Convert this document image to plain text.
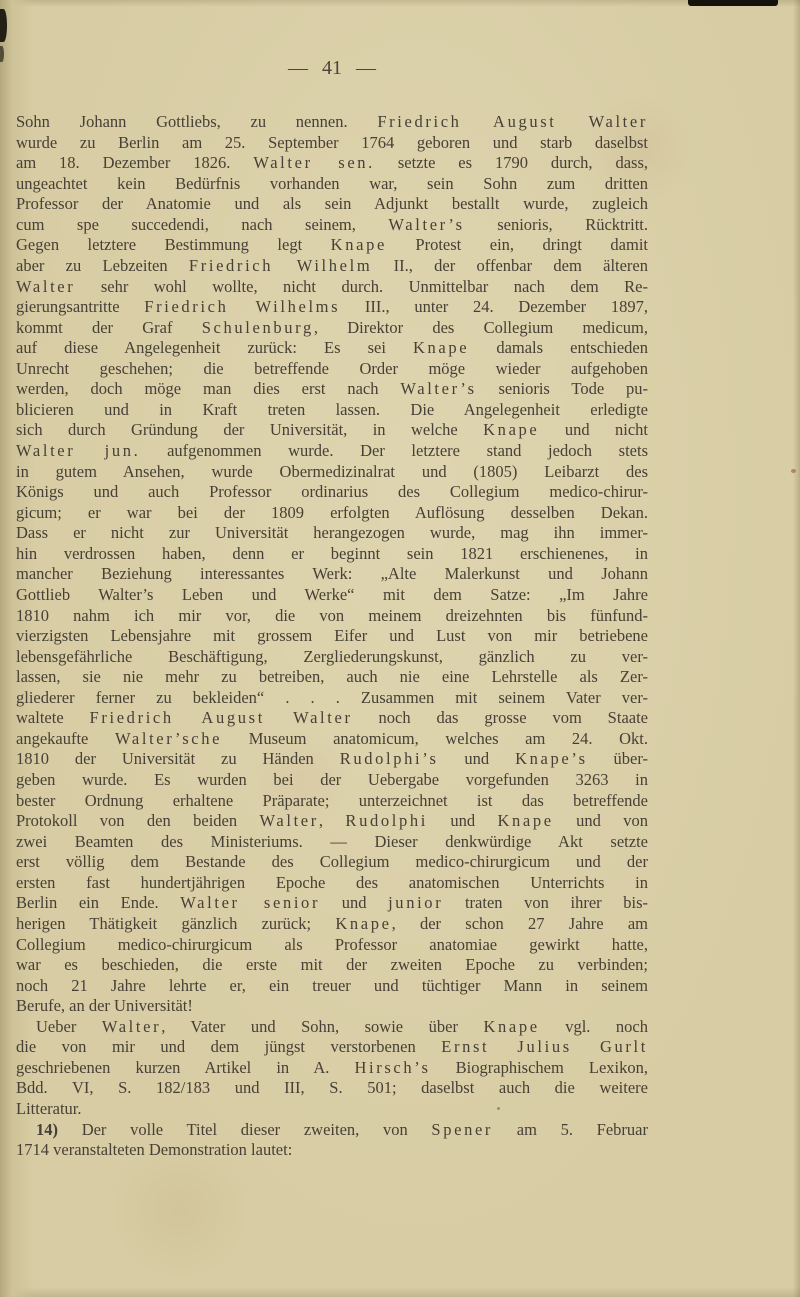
— 41 —
Sohn Johann Gottliebs, zu nennen. Friedrich August Walter
wurde zu Berlin am 25. September 1764 geboren und starb daselbst
am 18. Dezember 1826. Walter sen. setzte es 1790 durch, dass,
ungeachtet kein Bedürfnis vorhanden war, sein Sohn zum dritten
Professor der Anatomie und als sein Adjunkt bestallt wurde, zugleich
cum spe succedendi, nach seinem, Walter’s senioris, Rücktritt.
Gegen letztere Bestimmung legt Knape Protest ein, dringt damit
aber zu Lebzeiten Friedrich Wilhelm II., der offenbar dem älteren
Walter sehr wohl wollte, nicht durch. Unmittelbar nach dem Re-
gierungsantritte Friedrich Wilhelms III., unter 24. Dezember 1897,
kommt der Graf Schulenburg, Direktor des Collegium medicum,
auf diese Angelegenheit zurück: Es sei Knape damals entschieden
Unrecht geschehen; die betreffende Order möge wieder aufgehoben
werden, doch möge man dies erst nach Walter’s senioris Tode pu-
blicieren und in Kraft treten lassen. Die Angelegenheit erledigte
sich durch Gründung der Universität, in welche Knape und nicht
Walter jun. aufgenommen wurde. Der letztere stand jedoch stets
in gutem Ansehen, wurde Obermedizinalrat und (1805) Leibarzt des
Königs und auch Professor ordinarius des Collegium medico-chirur-
gicum; er war bei der 1809 erfolgten Auflösung desselben Dekan.
Dass er nicht zur Universität herangezogen wurde, mag ihn immer-
hin verdrossen haben, denn er beginnt sein 1821 erschienenes, in
mancher Beziehung interessantes Werk: „Alte Malerkunst und Johann
Gottlieb Walter’s Leben und Werke“ mit dem Satze: „Im Jahre
1810 nahm ich mir vor, die von meinem dreizehnten bis fünfund-
vierzigsten Lebensjahre mit grossem Eifer und Lust von mir betriebene
lebensgefährliche Beschäftigung, Zergliederungskunst, gänzlich zu ver-
lassen, sie nie mehr zu betreiben, auch nie eine Lehrstelle als Zer-
gliederer ferner zu bekleiden“ . . . Zusammen mit seinem Vater ver-
waltete Friedrich August Walter noch das grosse vom Staate
angekaufte Walter’sche Museum anatomicum, welches am 24. Okt.
1810 der Universität zu Händen Rudolphi’s und Knape’s über-
geben wurde. Es wurden bei der Uebergabe vorgefunden 3263 in
bester Ordnung erhaltene Präparate; unterzeichnet ist das betreffende
Protokoll von den beiden Walter, Rudolphi und Knape und von
zwei Beamten des Ministeriums. — Dieser denkwürdige Akt setzte
erst völlig dem Bestande des Collegium medico-chirurgicum und der
ersten fast hundertjährigen Epoche des anatomischen Unterrichts in
Berlin ein Ende. Walter senior und junior traten von ihrer bis-
herigen Thätigkeit gänzlich zurück; Knape, der schon 27 Jahre am
Collegium medico-chirurgicum als Professor anatomiae gewirkt hatte,
war es beschieden, die erste mit der zweiten Epoche zu verbinden;
noch 21 Jahre lehrte er, ein treuer und tüchtiger Mann in seinem
Berufe, an der Universität!
Ueber Walter, Vater und Sohn, sowie über Knape vgl. noch
die von mir und dem jüngst verstorbenen Ernst Julius Gurlt
geschriebenen kurzen Artikel in A. Hirsch’s Biographischem Lexikon,
Bdd. VI, S. 182/183 und III, S. 501; daselbst auch die weitere
Litteratur.
14) Der volle Titel dieser zweiten, von Spener am 5. Februar
1714 veranstalteten Demonstration lautet:
